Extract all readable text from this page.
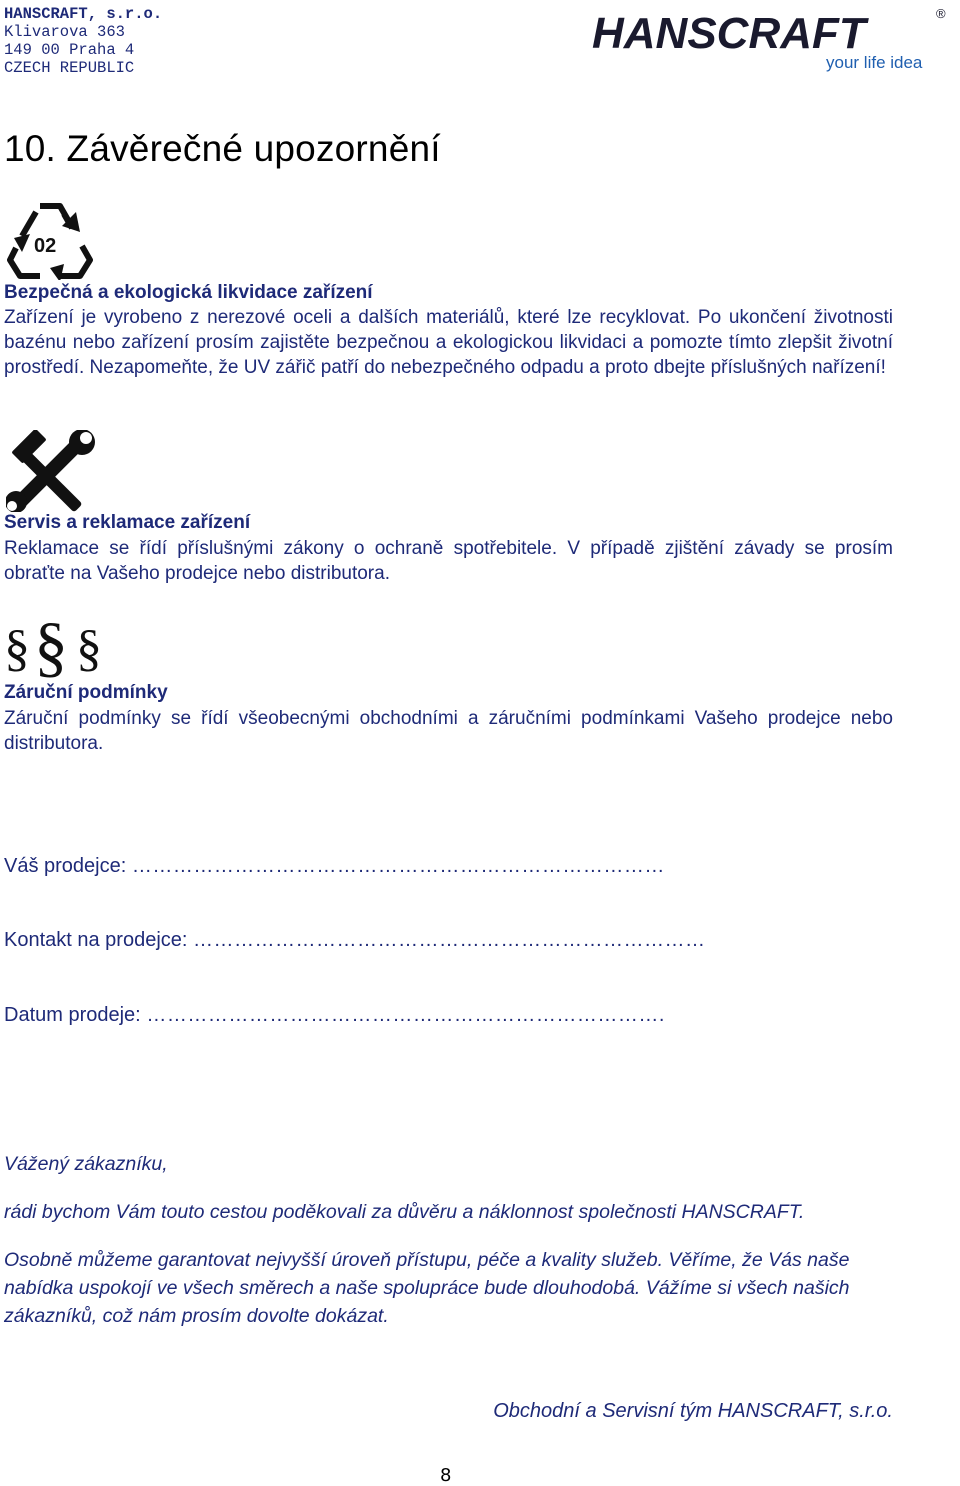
HANSCRAFT, s.r.o.
Klivarova 363
149 00 Praha 4
CZECH REPUBLIC
HANSCRAFT	®
your life idea
10. Závěrečné upozornění
02
Bezpečná a ekologická likvidace zařízení
Zařízení je vyrobeno z nerezové oceli a dalších materiálů, které lze recyklovat. Po ukončení životnosti bazénu nebo zařízení prosím zajistěte bezpečnou a ekologickou likvidaci a pomozte tímto zlepšit životní prostředí. Nezapomeňte, že UV zářič patří do nebezpečného odpadu a proto dbejte příslušných nařízení!
Servis a reklamace zařízení
Reklamace se řídí příslušnými zákony o ochraně spotřebitele. V případě zjištění závady se prosím obraťte na Vašeho prodejce nebo distributora.
§ § §
Záruční podmínky
Záruční podmínky se řídí všeobecnými obchodními a záručními podmínkami Vašeho prodejce nebo distributora.
Váš prodejce: ……………………………………………………………………
Kontakt na prodejce: …………………………………………………………………
Datum prodeje: ………………………………………………………………….
Vážený zákazníku,
rádi bychom Vám touto cestou poděkovali za důvěru a náklonnost společnosti HANSCRAFT.
Osobně můžeme garantovat nejvyšší úroveň přístupu, péče a kvality služeb. Věříme, že Vás naše nabídka uspokojí ve všech směrech a naše spolupráce bude dlouhodobá. Vážíme si všech našich zákazníků, což nám prosím dovolte dokázat.
Obchodní a Servisní tým HANSCRAFT, s.r.o.
8
